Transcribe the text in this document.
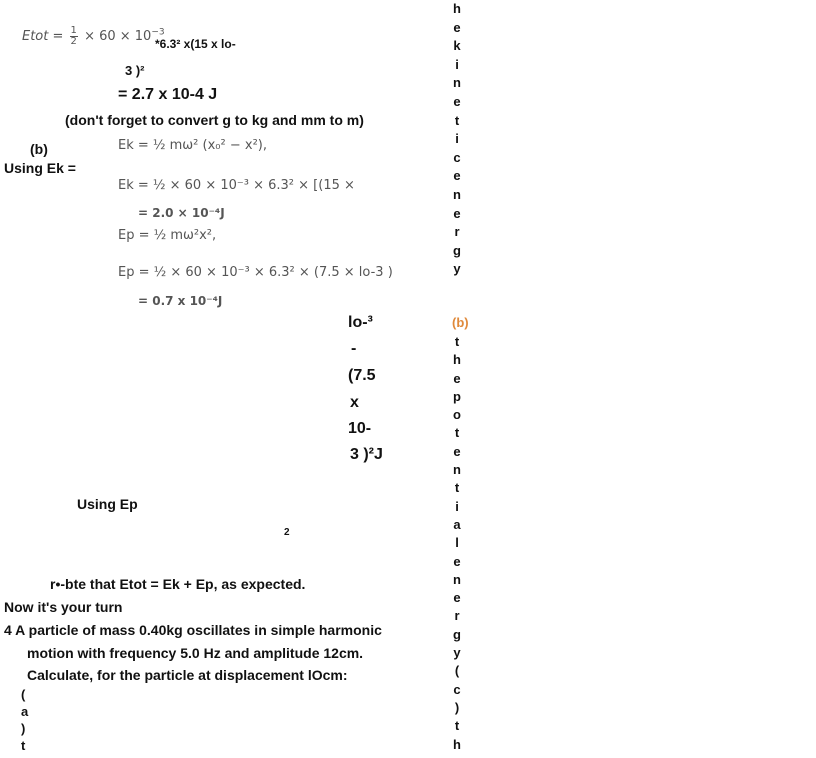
Etot = $\frac{1}{2} \times 60 \times 10^{-3}$
*6.3² x(15 x lo-
3 )²
= 2.7 x 10-4 J
(don't forget to convert g to kg and mm to m)
(b)
Using Ek =
Ek = ½ mω² (x₀² − x²),
Ek = ½ × 60 × 10⁻³ × 6.3² × [(15 ×
= 2.0 × 10⁻⁴J
Ep = ½ mω²x²,
Ep = ½ × 60 × 10⁻³ × 6.3² × (7.5 × lo-3 )
= 0.7 x 10⁻⁴J
lo-³
-
(7.5
x
10-
3 )²J
Using Ep
2
r•-bte that Etot = Ek + Ep, as expected.
Now it's your turn
4 A particle of mass 0.40kg oscillates in simple harmonic
motion with frequency 5.0 Hz and amplitude 12cm.
Calculate, for the particle at displacement lOcm:
(
a
)
t
h
e
k
i
n
e
t
i
c
e
n
e
r
g
y
(b)
t
h
e
p
o
t
e
n
t
i
a
l
e
n
e
r
g
y
(
c
)
t
h
